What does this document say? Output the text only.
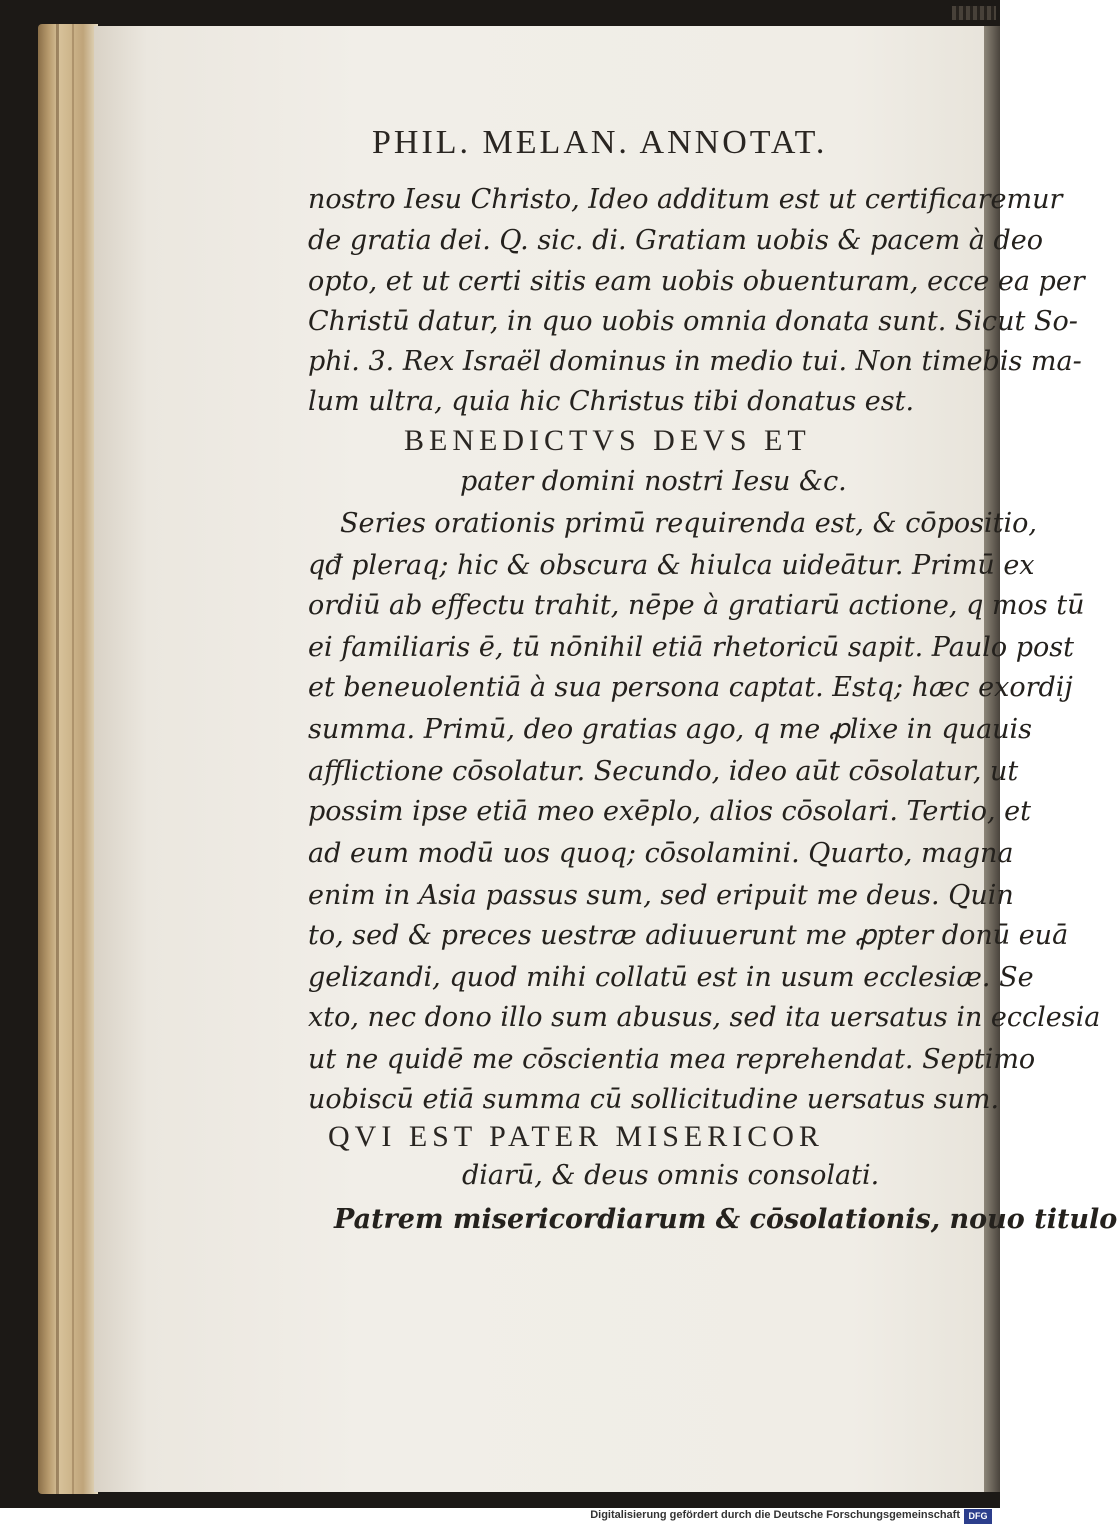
PHIL. MELAN. ANNOTAT.
nostro Iesu Christo, Ideo additum est ut certificaremur
de gratia dei. Q. sic. di. Gratiam uobis & pacem à deo
opto, et ut certi sitis eam uobis obuenturam, ecce ea per
Christū datur, in quo uobis omnia donata sunt. Sicut So-
phi. 3. Rex Israël dominus in medio tui. Non timebis ma-
lum ultra, quia hic Christus tibi donatus est.
BENEDICTVS DEVS ET
pater domini nostri Iesu &c.
Series orationis primū requirenda est, & cōpositio,
qđ pleraq; hic & obscura & hiulca uideātur. Primū ex
ordiū ab effectu trahit, nēpe à gratiarū actione, q mos tū
ei familiaris ē, tū nōnihil etiā rhetoricū sapit. Paulo post
et beneuolentiā à sua persona captat. Estq; hæc exordij
summa. Primū, deo gratias ago, q me ꝓlixe in quauis
afflictione cōsolatur. Secundo, ideo aūt cōsolatur, ut
possim ipse etiā meo exēplo, alios cōsolari. Tertio, et
ad eum modū uos quoq; cōsolamini. Quarto, magna
enim in Asia passus sum, sed eripuit me deus. Quin
to, sed & preces uestræ adiuuerunt me ꝓpter donū euā
gelizandi, quod mihi collatū est in usum ecclesiæ. Se
xto, nec dono illo sum abusus, sed ita uersatus in ecclesia
ut ne quidē me cōscientia mea reprehendat. Septimo
uobiscū etiā summa cū sollicitudine uersatus sum.
QVI EST PATER MISERICOR
diarū, & deus omnis consolati.
Patrem misericordiarum & cōsolationis, nouo titulo
Digitalisierung gefördert durch die Deutsche Forschungsgemeinschaft DFG
